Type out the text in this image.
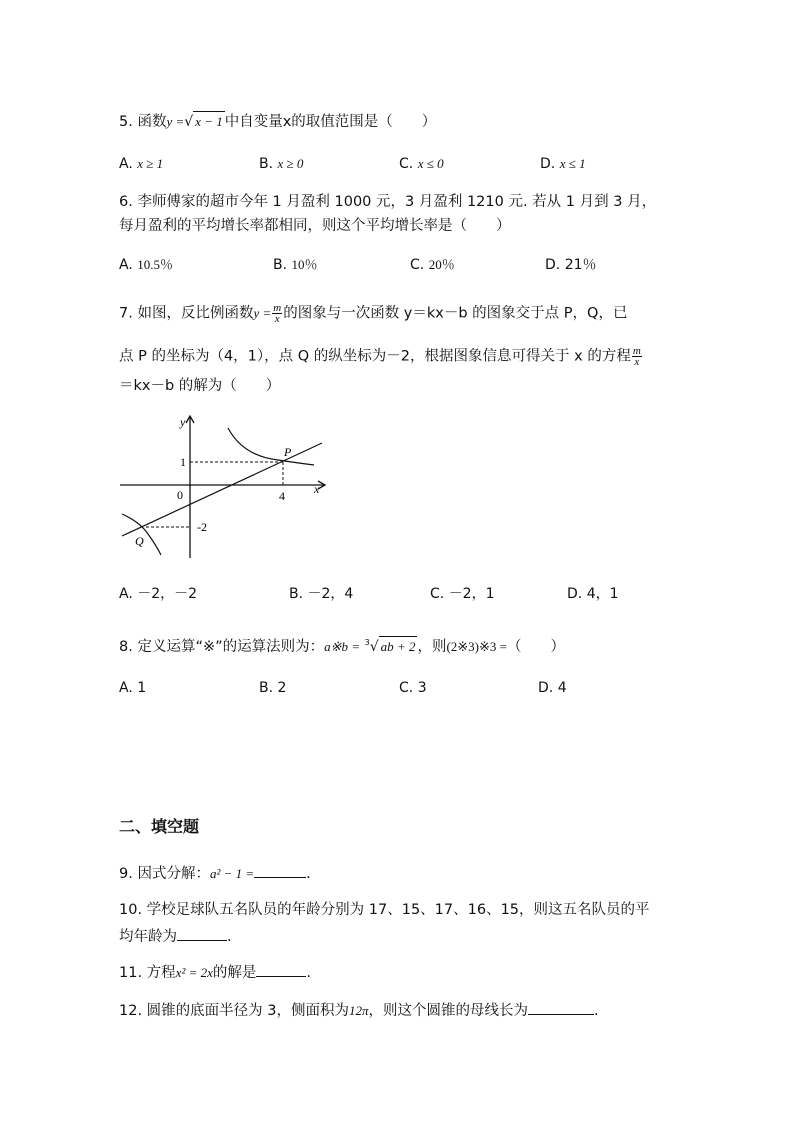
5. 函数y =√ x − 1 中自变量x的取值范围是（　　）
A. x ≥ 1	B. x ≥ 0	C. x ≤ 0	D. x ≤ 1
6. 李师傅家的超市今年 1 月盈利 1000 元，3 月盈利 1210 元. 若从 1 月到 3 月，
每月盈利的平均增长率都相同，则这个平均增长率是（　　）
A. 10.5％	B. 10％	C. 20％	D. 21％
7. 如图，反比例函数$y = \frac{m}{x}$ 的图象与一次函数 y＝kx－b 的图象交于点 P，Q，已
点 P 的坐标为（4，1），点 Q 的纵坐标为－2，根据图象信息可得关于 x 的方程 $\frac{m}{x}$
＝kx－b 的解为（　　）
y
x
0
1
4
-2
P
Q
A. －2，－2	B. －2，4	C. －2，1	D. 4，1
8. 定义运算“※”的运算法则为：a※b = $^3$√ ab + 2 ，则(2※3)※3 =（　　）
A. 1	B. 2	C. 3	D. 4
二、填空题
9. 因式分解：a² − 1 =	.
10. 学校足球队五名队员的年龄分别为 17、15、17、16、15，则这五名队员的平
均年龄为	.
11. 方程x² = 2x的解是	.
12. 圆锥的底面半径为 3，侧面积为12π，则这个圆锥的母线长为	.
